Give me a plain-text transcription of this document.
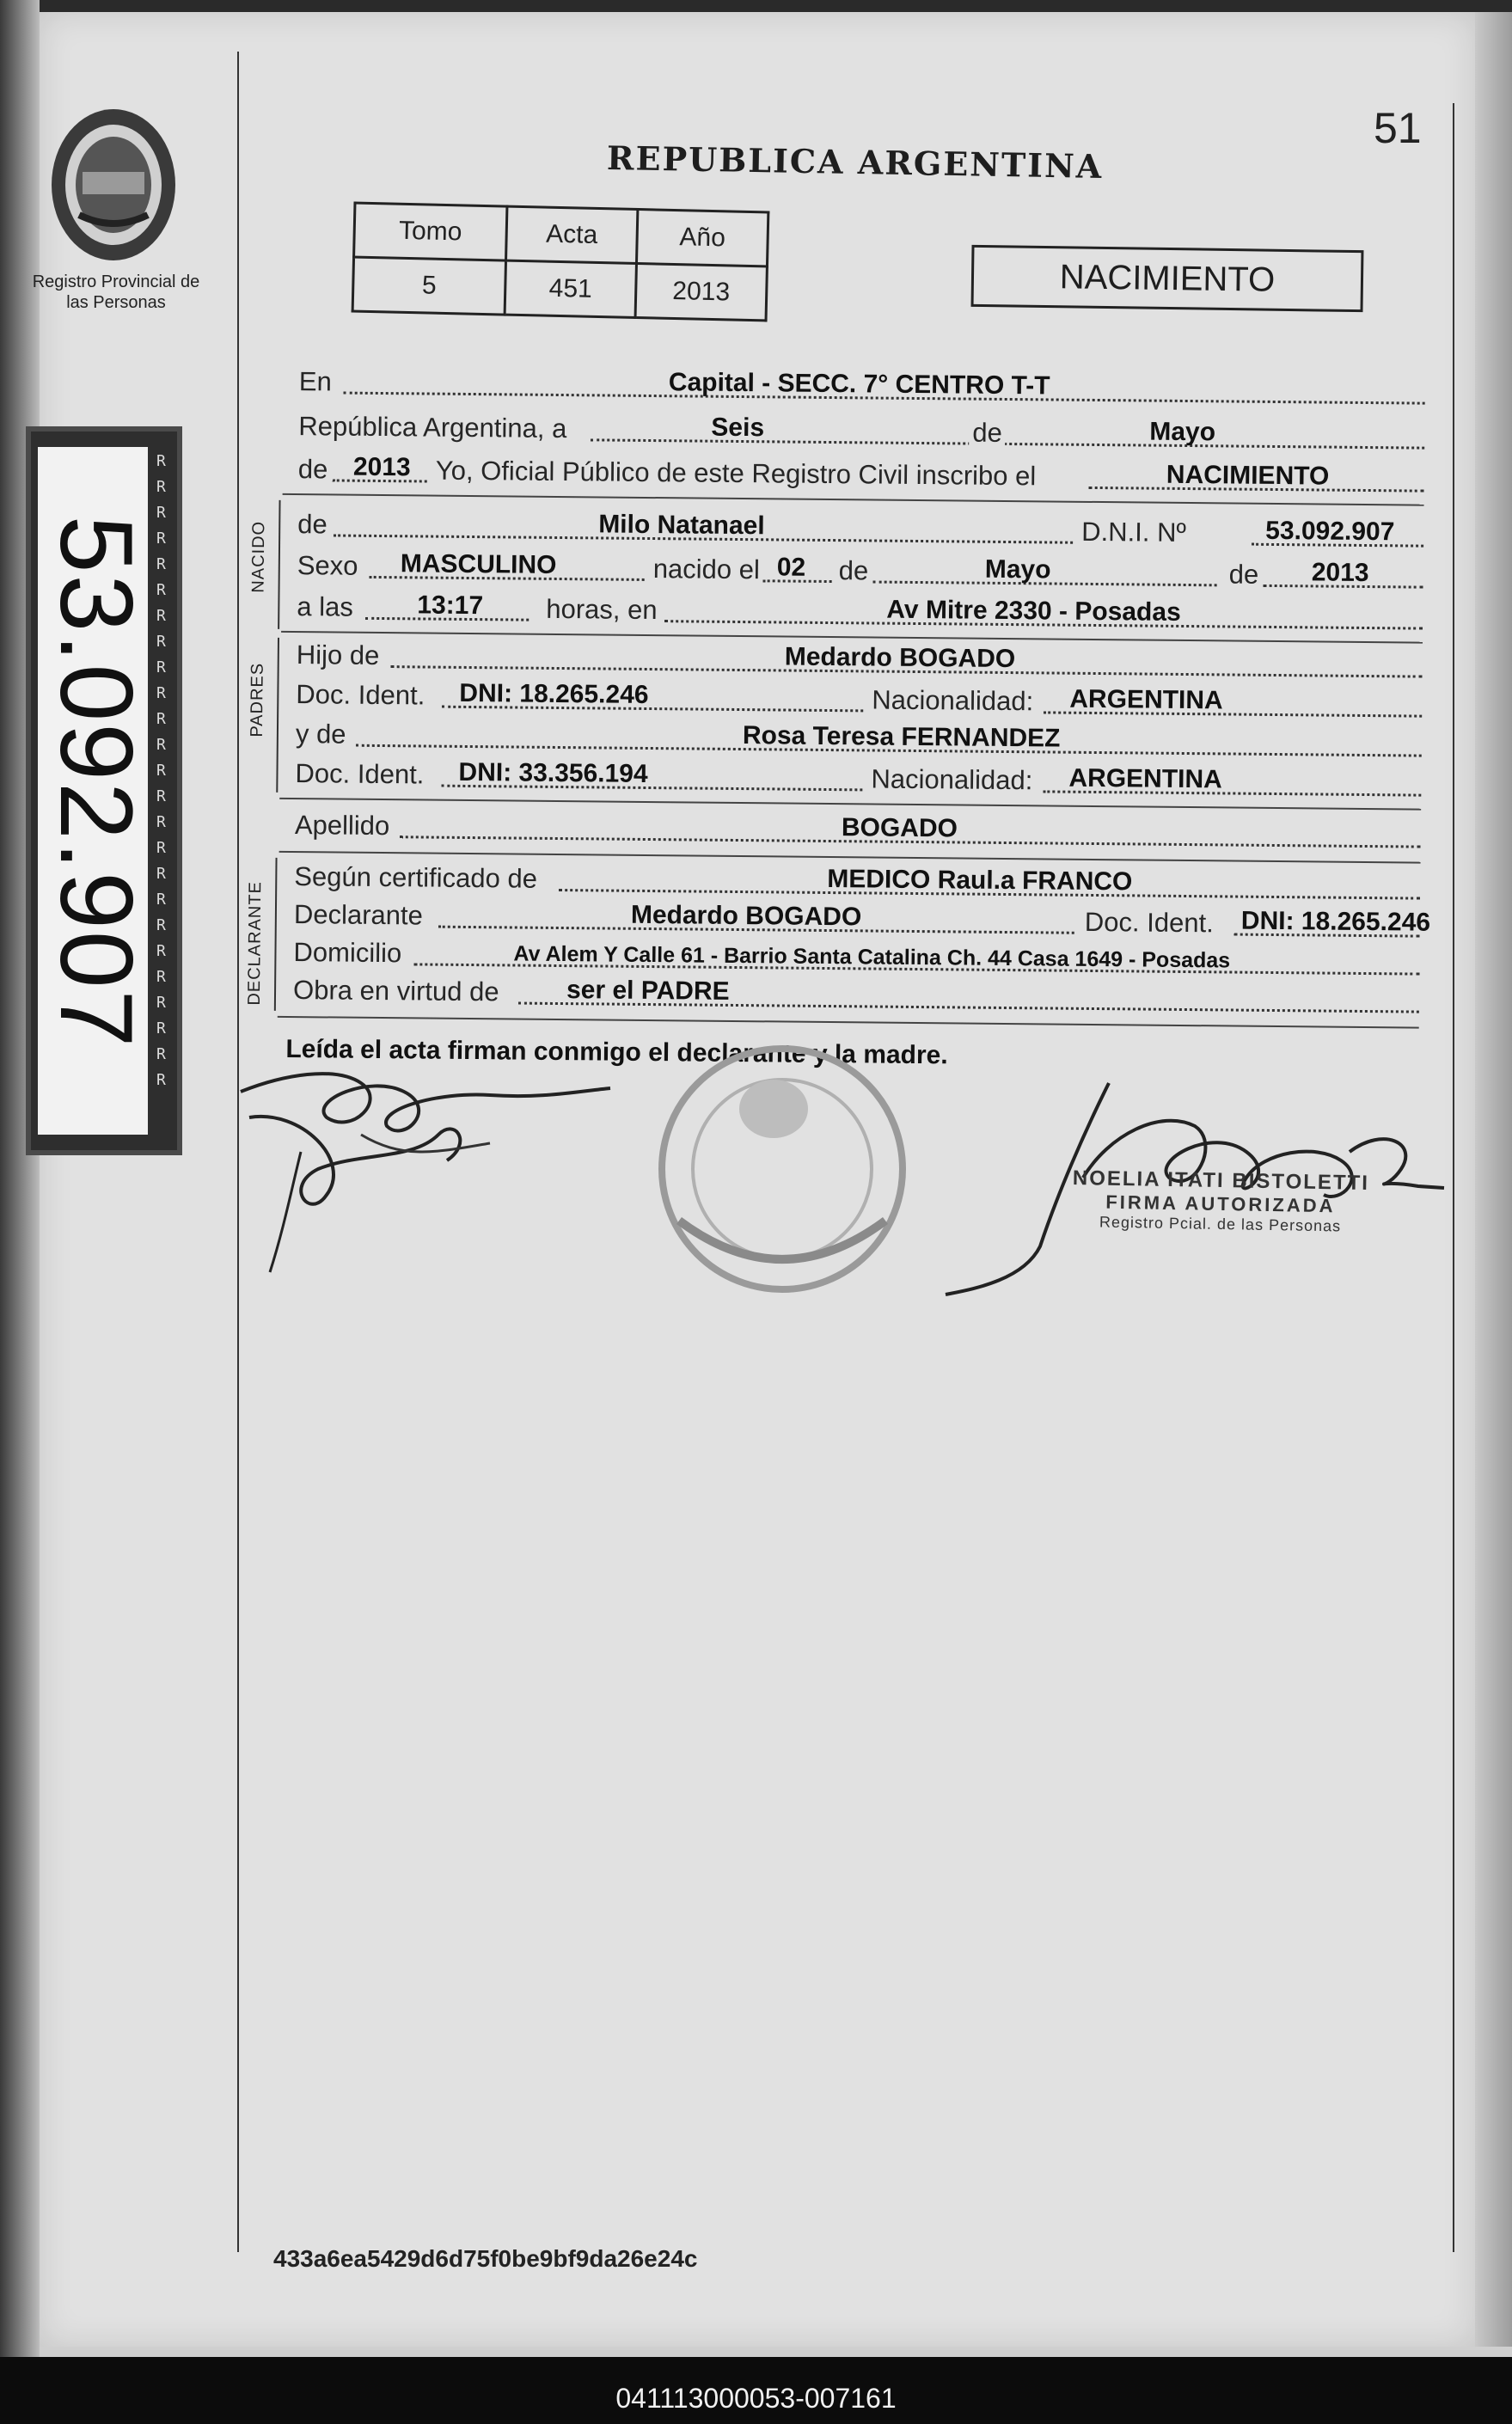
Registro Provincial de las Personas
53.092.907
RRRRRRRRRRRRRRRRRRRRRRRRR
51
REPUBLICA ARGENTINA
Tomo	Acta	Año
5	451	2013	NACIMIENTO
En	Capital - SECC. 7° CENTRO T-T
República Argentina, a	Seis	de	Mayo
de 2013 Yo, Oficial Público de este Registro Civil inscribo el	NACIMIENTO
NACIDO de	Milo Natanael	D.N.I. Nº	53.092.907
Sexo MASCULINO	nacido el 02 de	Mayo	de 2013
a las 13:17 horas, en	Av Mitre 2330 - Posadas
PADRES
Hijo de	Medardo BOGADO
Doc. Ident. DNI: 18.265.246	Nacionalidad: ARGENTINA
y de	Rosa Teresa FERNANDEZ
Doc. Ident. DNI: 33.356.194	Nacionalidad: ARGENTINA
Apellido	BOGADO
DECLARANTE
Según certificado de	MEDICO Raul.a FRANCO
Declarante	Medardo BOGADO	Doc. Ident. DNI: 18.265.246
Domicilio	Av Alem Y Calle 61 - Barrio Santa Catalina Ch. 44 Casa 1649 - Posadas
Obra en virtud de	ser el PADRE
Leída el acta firman conmigo el declarante y la madre.
NOELIA ITATI BISTOLETTI
FIRMA AUTORIZADA
Registro Pcial. de las Personas
433a6ea5429d6d75f0be9bf9da26e24c
041113000053-007161
